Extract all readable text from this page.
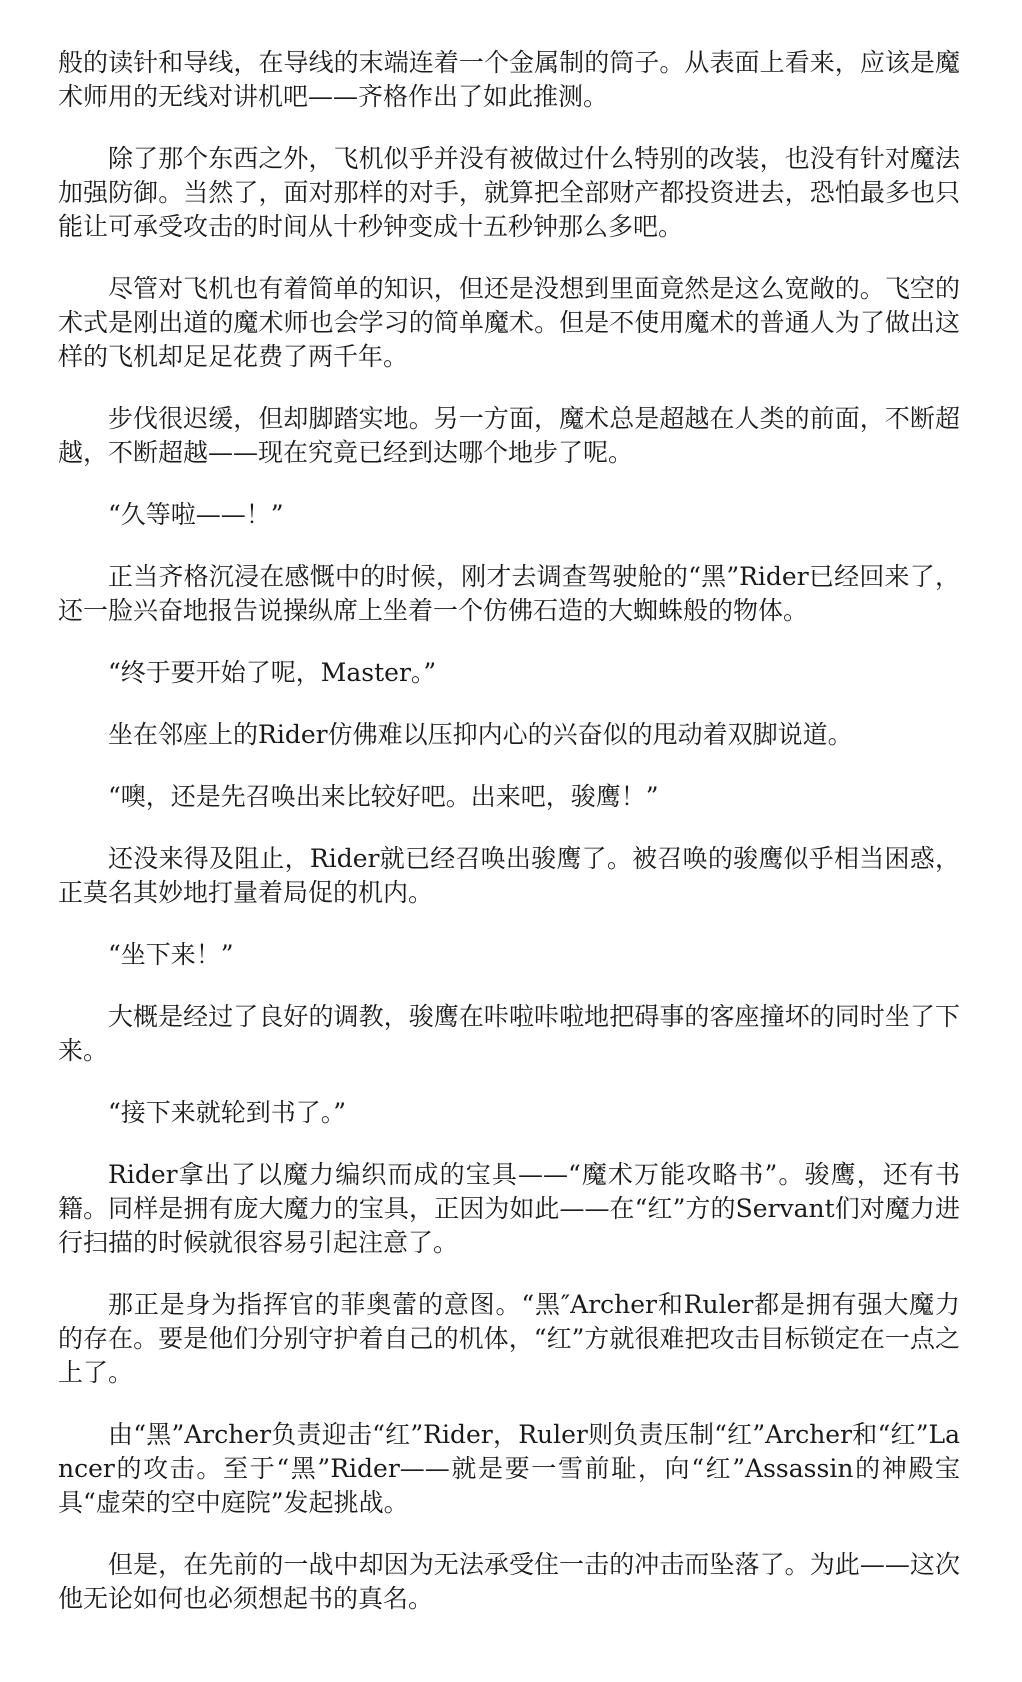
般的读针和导线，在导线的末端连着一个金属制的筒子。从表面上看来，应该是魔术师用的无线对讲机吧——齐格作出了如此推测。

除了那个东西之外，飞机似乎并没有被做过什么特别的改装，也没有针对魔法加强防御。当然了，面对那样的对手，就算把全部财产都投资进去，恐怕最多也只能让可承受攻击的时间从十秒钟变成十五秒钟那么多吧。

尽管对飞机也有着简单的知识，但还是没想到里面竟然是这么宽敞的。飞空的术式是刚出道的魔术师也会学习的简单魔术。但是不使用魔术的普通人为了做出这样的飞机却足足花费了两千年。

步伐很迟缓，但却脚踏实地。另一方面，魔术总是超越在人类的前面，不断超越，不断超越——现在究竟已经到达哪个地步了呢。

“久等啦——！”

正当齐格沉浸在感慨中的时候，刚才去调查驾驶舱的“黑”Rider已经回来了，还一脸兴奋地报告说操纵席上坐着一个仿佛石造的大蜘蛛般的物体。

“终于要开始了呢，Master。”

坐在邻座上的Rider仿佛难以压抑内心的兴奋似的甩动着双脚说道。

“噢，还是先召唤出来比较好吧。出来吧，骏鹰！”

还没来得及阻止，Rider就已经召唤出骏鹰了。被召唤的骏鹰似乎相当困惑，正莫名其妙地打量着局促的机内。

“坐下来！”

大概是经过了良好的调教，骏鹰在咔啦咔啦地把碍事的客座撞坏的同时坐了下来。

“接下来就轮到书了。”

Rider拿出了以魔力编织而成的宝具——“魔术万能攻略书”。骏鹰，还有书籍。同样是拥有庞大魔力的宝具，正因为如此——在“红”方的Servant们对魔力进行扫描的时候就很容易引起注意了。

那正是身为指挥官的菲奥蕾的意图。“黑″Archer和Ruler都是拥有强大魔力的存在。要是他们分别守护着自己的机体，“红”方就很难把攻击目标锁定在一点之上了。

由“黑”Archer负责迎击“红”Rider，Ruler则负责压制“红”Archer和“红”Lancer的攻击。至于“黑”Rider——就是要一雪前耻，向“红”Assassin的神殿宝具“虚荣的空中庭院”发起挑战。

但是，在先前的一战中却因为无法承受住一击的冲击而坠落了。为此——这次他无论如何也必须想起书的真名。
